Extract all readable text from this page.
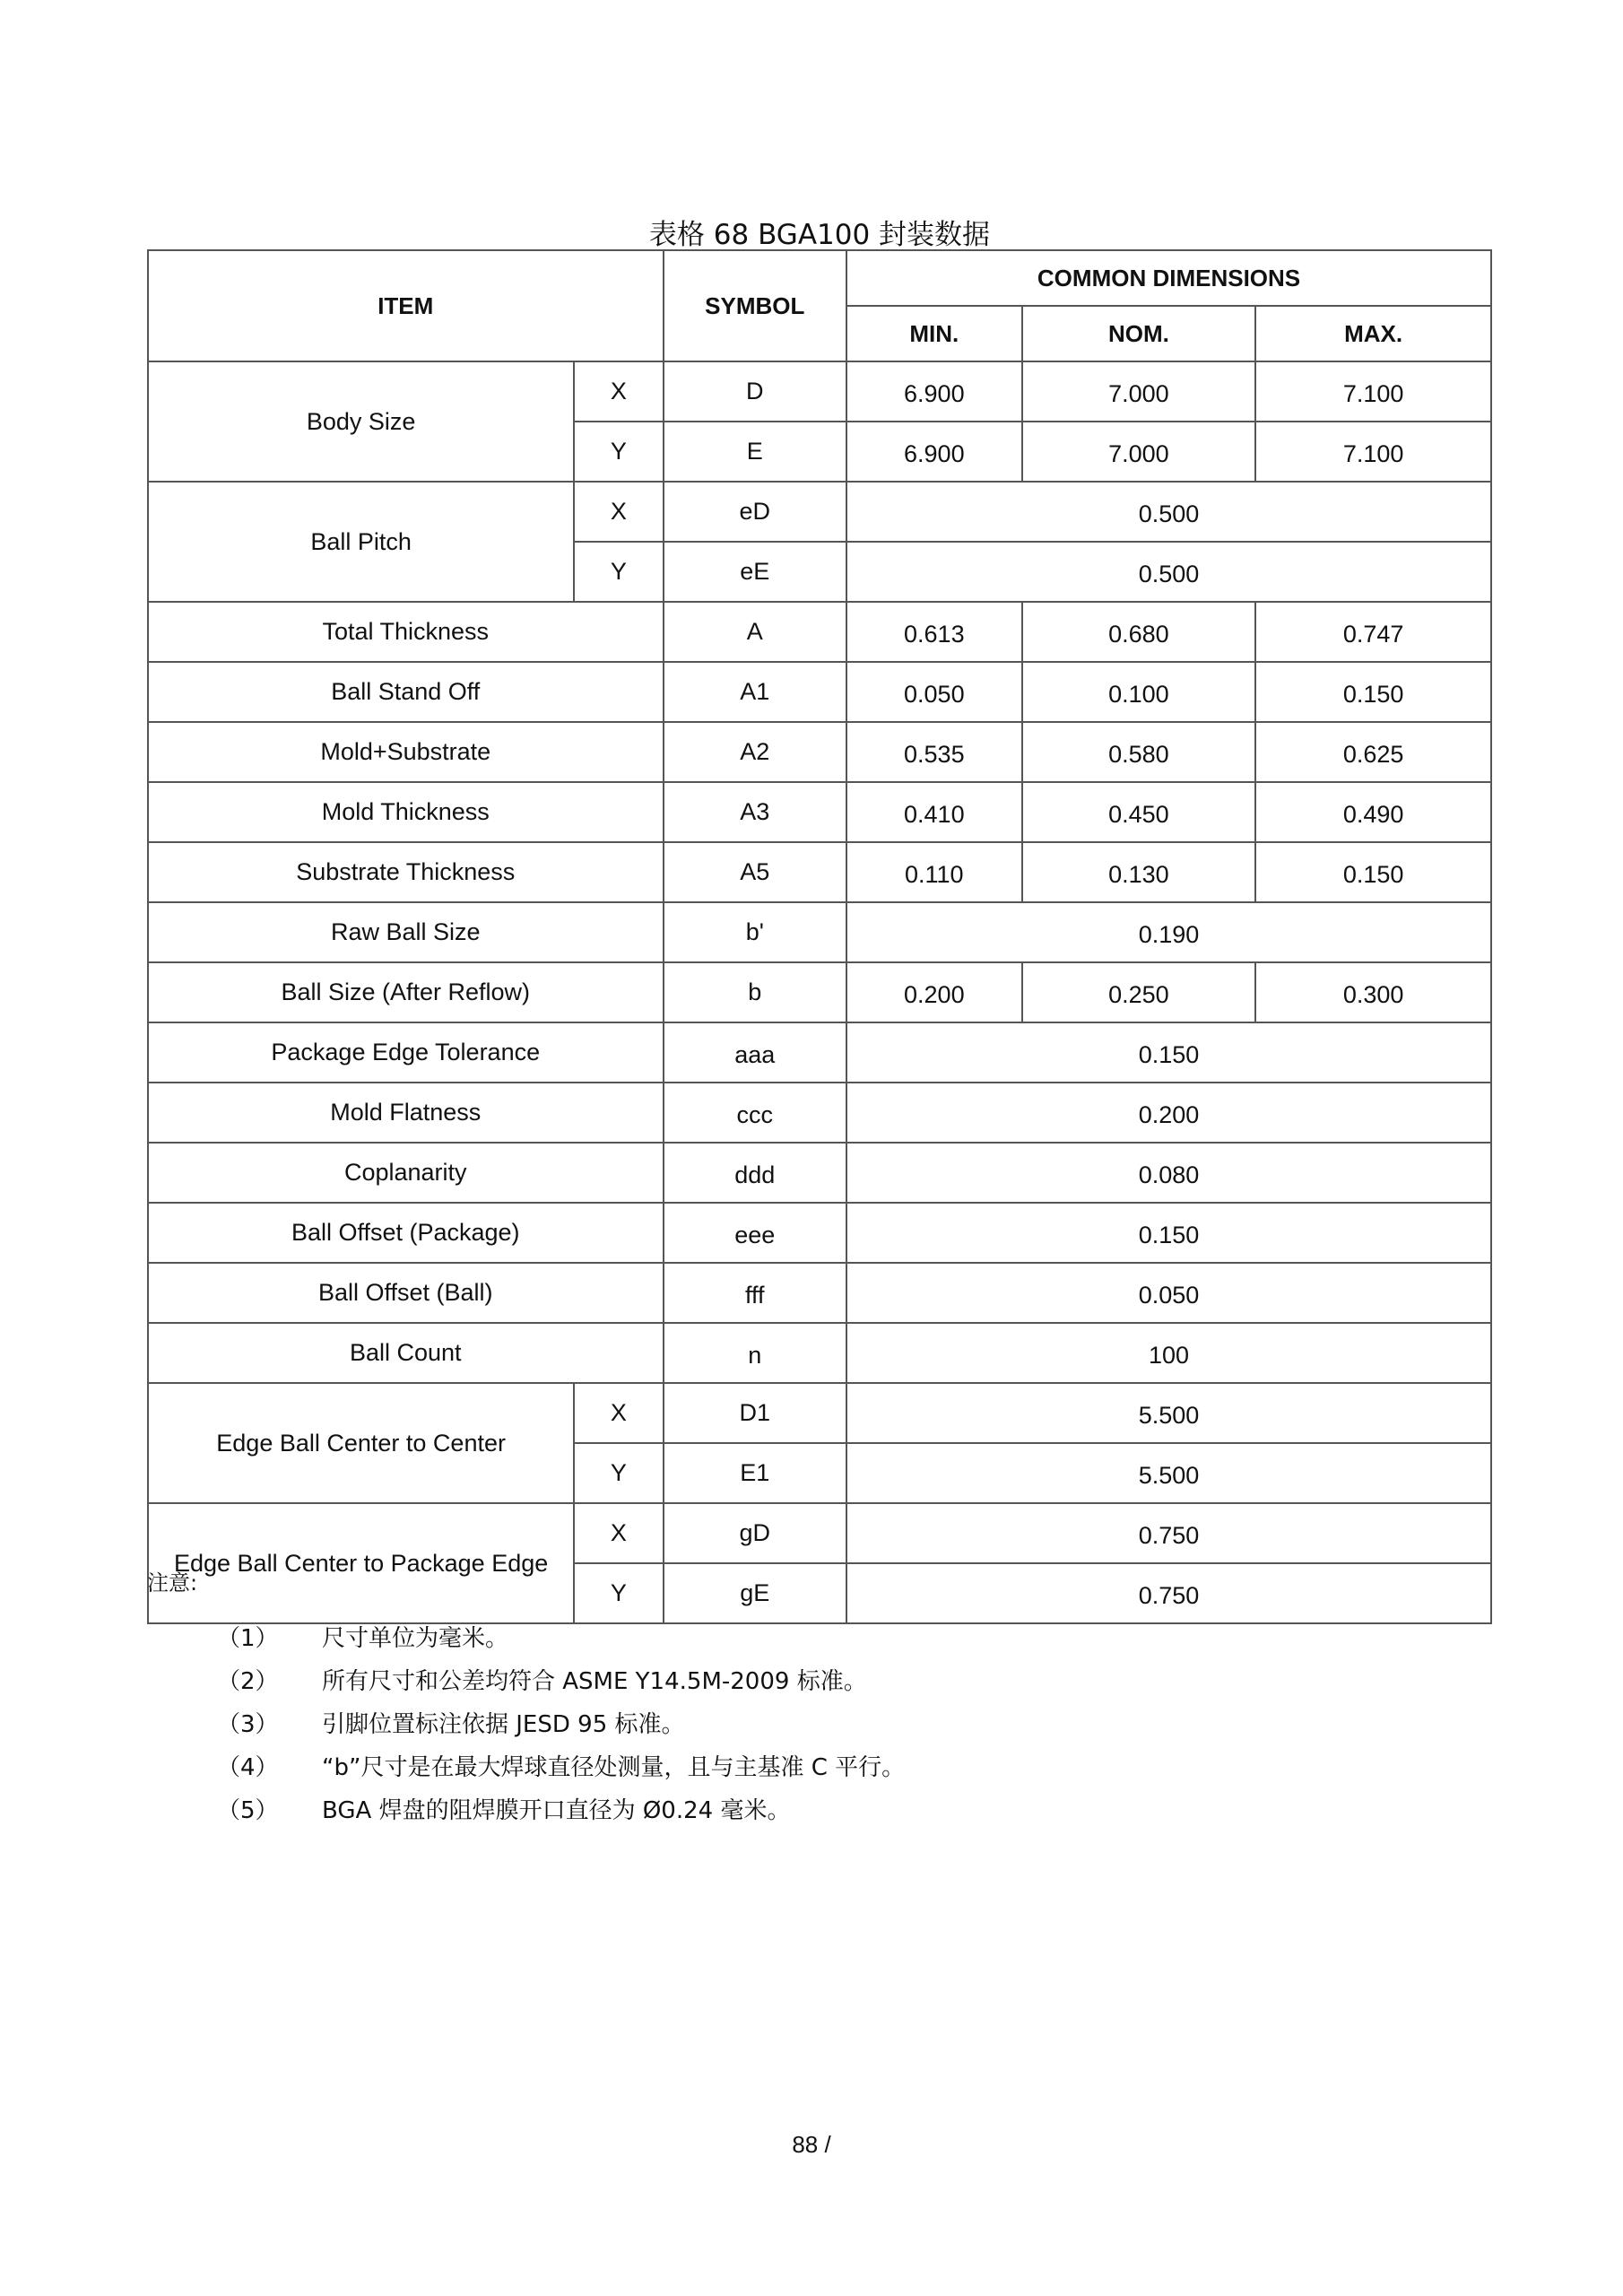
表格 68 BGA100 封装数据
ITEM		SYMBOL	COMMON DIMENSIONS		
			MIN.	NOM.	MAX.
Body Size	X	D	6.900	7.000	7.100
	Y	E	6.900	7.000	7.100
Ball Pitch	X	eD	0.500		
	Y	eE	0.500		
Total Thickness		A	0.613	0.680	0.747
Ball Stand Off		A1	0.050	0.100	0.150
Mold+Substrate		A2	0.535	0.580	0.625
Mold Thickness		A3	0.410	0.450	0.490
Substrate Thickness		A5	0.110	0.130	0.150
Raw Ball Size		b'	0.190		
Ball Size (After Reflow)		b	0.200	0.250	0.300
Package Edge Tolerance		aaa	0.150		
Mold Flatness		ccc	0.200		
Coplanarity		ddd	0.080		
Ball Offset (Package)		eee	0.150		
Ball Offset (Ball)		fff	0.050		
Ball Count		n	100		
Edge Ball Center to Center	X	D1	5.500		
	Y	E1	5.500		
Edge Ball Center to Package Edge	X	gD	0.750		
	Y	gE	0.750		
注意:
（1）	尺寸单位为毫米。
（2）	所有尺寸和公差均符合 ASME Y14.5M-2009 标准。
（3）	引脚位置标注依据 JESD 95 标准。
（4）	“b”尺寸是在最大焊球直径处测量，且与主基准 C 平行。
（5）	BGA 焊盘的阻焊膜开口直径为 Ø0.24 毫米。
88 /
